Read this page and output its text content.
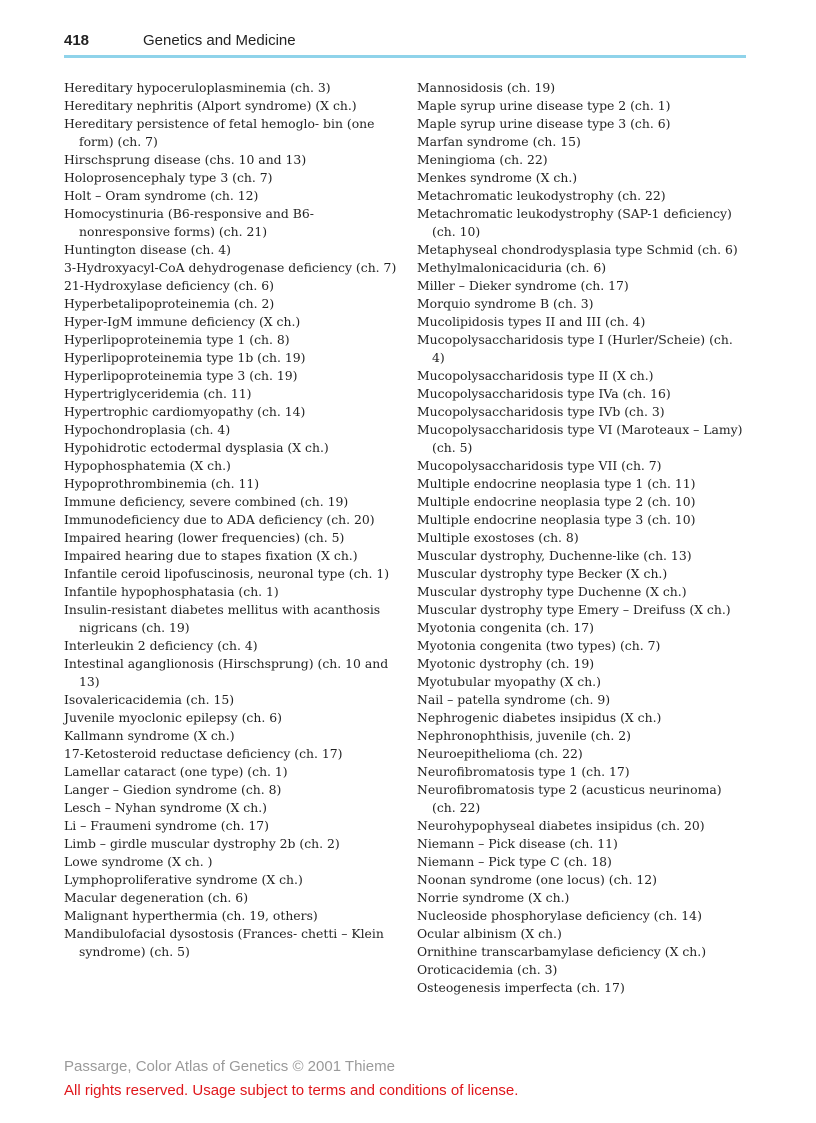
418	Genetics and Medicine

Hereditary hypoceruloplasminemia (ch. 3)

Hereditary nephritis (Alport syndrome) (X ch.)

Hereditary persistence of fetal hemoglo- bin (one form) (ch. 7)

Hirschsprung disease (chs. 10 and 13)

Holoprosencephaly type 3 (ch. 7)

Holt – Oram syndrome (ch. 12)

Homocystinuria (B6-responsive and B6-nonresponsive forms) (ch. 21)

Huntington disease (ch. 4)

3-Hydroxyacyl-CoA dehydrogenase deficiency (ch. 7)

21-Hydroxylase deficiency (ch. 6)

Hyperbetalipoproteinemia (ch. 2)

Hyper-IgM immune deficiency (X ch.)

Hyperlipoproteinemia type 1 (ch. 8)

Hyperlipoproteinemia type 1b (ch. 19)

Hyperlipoproteinemia type 3 (ch. 19)

Hypertriglyceridemia (ch. 11)

Hypertrophic cardiomyopathy (ch. 14)

Hypochondroplasia (ch. 4)

Hypohidrotic ectodermal dysplasia (X ch.)

Hypophosphatemia (X ch.)

Hypoprothrombinemia (ch. 11)

Immune deficiency, severe combined (ch. 19)

Immunodeficiency due to ADA deficiency (ch. 20)

Impaired hearing (lower frequencies) (ch. 5)

Impaired hearing due to stapes fixation (X ch.)

Infantile ceroid lipofuscinosis, neuronal type (ch. 1)

Infantile hypophosphatasia (ch. 1)

Insulin-resistant diabetes mellitus with acanthosis nigricans (ch. 19)

Interleukin 2 deficiency (ch. 4)

Intestinal aganglionosis (Hirschsprung) (ch. 10 and 13)

Isovalericacidemia (ch. 15)

Juvenile myoclonic epilepsy (ch. 6)

Kallmann syndrome (X ch.)

17-Ketosteroid reductase deficiency (ch. 17)

Lamellar cataract (one type) (ch. 1)

Langer – Giedion syndrome (ch. 8)

Lesch – Nyhan syndrome (X ch.)

Li – Fraumeni syndrome (ch. 17)

Limb – girdle muscular dystrophy 2b (ch. 2)

Lowe syndrome (X ch. )

Lymphoproliferative syndrome (X ch.)

Macular degeneration (ch. 6)

Malignant hyperthermia (ch. 19, others)

Mandibulofacial dysostosis (Frances- chetti – Klein syndrome) (ch. 5)

Mannosidosis (ch. 19)

Maple syrup urine disease type 2 (ch. 1)

Maple syrup urine disease type 3 (ch. 6)

Marfan syndrome (ch. 15)

Meningioma (ch. 22)

Menkes syndrome (X ch.)

Metachromatic leukodystrophy (ch. 22)

Metachromatic leukodystrophy (SAP-1 deficiency) (ch. 10)

Metaphyseal chondrodysplasia type Schmid (ch. 6)

Methylmalonicaciduria (ch. 6)

Miller – Dieker syndrome (ch. 17)

Morquio syndrome B (ch. 3)

Mucolipidosis types II and III (ch. 4)

Mucopolysaccharidosis type I (Hurler/Scheie) (ch. 4)

Mucopolysaccharidosis type II (X ch.)

Mucopolysaccharidosis type IVa (ch. 16)

Mucopolysaccharidosis type IVb (ch. 3)

Mucopolysaccharidosis type VI (Maroteaux – Lamy) (ch. 5)

Mucopolysaccharidosis type VII (ch. 7)

Multiple endocrine neoplasia type 1 (ch. 11)

Multiple endocrine neoplasia type 2 (ch. 10)

Multiple endocrine neoplasia type 3 (ch. 10)

Multiple exostoses (ch. 8)

Muscular dystrophy, Duchenne-like (ch. 13)

Muscular dystrophy type Becker (X ch.)

Muscular dystrophy type Duchenne (X ch.)

Muscular dystrophy type Emery – Dreifuss (X ch.)

Myotonia congenita (ch. 17)

Myotonia congenita (two types) (ch. 7)

Myotonic dystrophy (ch. 19)

Myotubular myopathy (X ch.)

Nail – patella syndrome (ch. 9)

Nephrogenic diabetes insipidus (X ch.)

Nephronophthisis, juvenile (ch. 2)

Neuroepithelioma (ch. 22)

Neurofibromatosis type 1 (ch. 17)

Neurofibromatosis type 2 (acusticus neurinoma) (ch. 22)

Neurohypophyseal diabetes insipidus (ch. 20)

Niemann – Pick disease (ch. 11)

Niemann – Pick type C (ch. 18)

Noonan syndrome (one locus) (ch. 12)

Norrie syndrome (X ch.)

Nucleoside phosphorylase deficiency (ch. 14)

Ocular albinism (X ch.)

Ornithine transcarbamylase deficiency (X ch.)

Oroticacidemia (ch. 3)

Osteogenesis imperfecta (ch. 17)

Passarge, Color Atlas of Genetics © 2001 Thieme
All rights reserved. Usage subject to terms and conditions of license.
